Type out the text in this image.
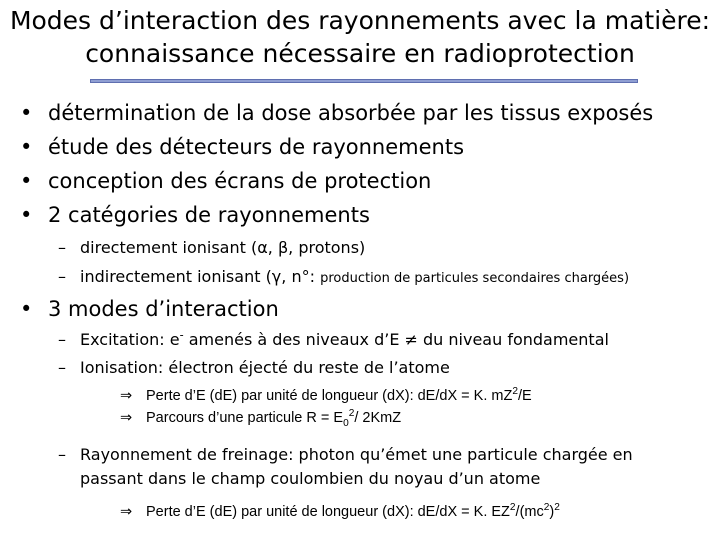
Modes d’interaction des rayonnements avec la matière:
connaissance nécessaire en radioprotection
• détermination de la dose absorbée par les tissus exposés
• étude des détecteurs de rayonnements
• conception des écrans de protection
• 2 catégories de rayonnements
– directement ionisant (α, β, protons)
– indirectement ionisant (γ, n°: production de particules secondaires chargées)
• 3 modes d’interaction
– Excitation: e- amenés à des niveaux d’E ≠ du niveau fondamental
– Ionisation: électron éjecté du reste de l’atome
⇒ Perte d’E (dE) par unité de longueur (dX): dE/dX = K. $mZ^2/E$
⇒ Parcours d’une particule $R = E_0^2/$ 2KmZ
– Rayonnement de freinage: photon qu’émet une particule chargée en
passant dans le champ coulombien du noyau d’un atome
⇒ Perte d’E (dE) par unité de longueur (dX): dE/dX = K. $EZ^2/(mc^2)^2$
